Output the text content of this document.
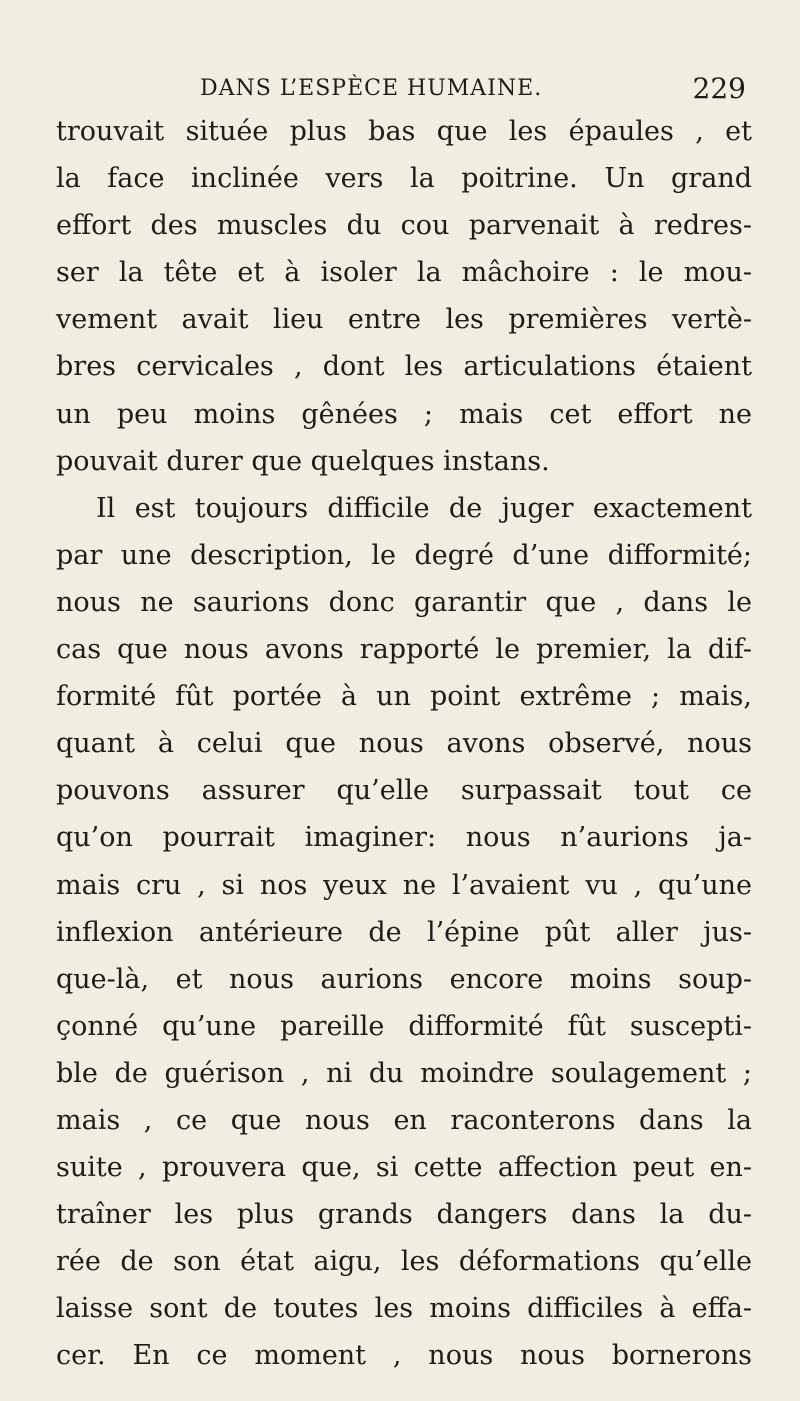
DANS L’ESPÈCE HUMAINE.	229
trouvait située plus bas que les épaules , et
la face inclinée vers la poitrine. Un grand
effort des muscles du cou parvenait à redres-
ser la tête et à isoler la mâchoire : le mou-
vement avait lieu entre les premières vertè-
bres cervicales , dont les articulations étaient
un peu moins gênées ; mais cet effort ne
pouvait durer que quelques instans.
Il est toujours difficile de juger exactement
par une description, le degré d’une difformité;
nous ne saurions donc garantir que , dans le
cas que nous avons rapporté le premier, la dif-
formité fût portée à un point extrême ; mais,
quant à celui que nous avons observé, nous
pouvons assurer qu’elle surpassait tout ce
qu’on pourrait imaginer: nous n’aurions ja-
mais cru , si nos yeux ne l’avaient vu , qu’une
inflexion antérieure de l’épine pût aller jus-
que-là, et nous aurions encore moins soup-
çonné qu’une pareille difformité fût suscepti-
ble de guérison , ni du moindre soulagement ;
mais , ce que nous en raconterons dans la
suite , prouvera que, si cette affection peut en-
traîner les plus grands dangers dans la du-
rée de son état aigu, les déformations qu’elle
laisse sont de toutes les moins difficiles à effa-
cer. En ce moment , nous nous bornerons
